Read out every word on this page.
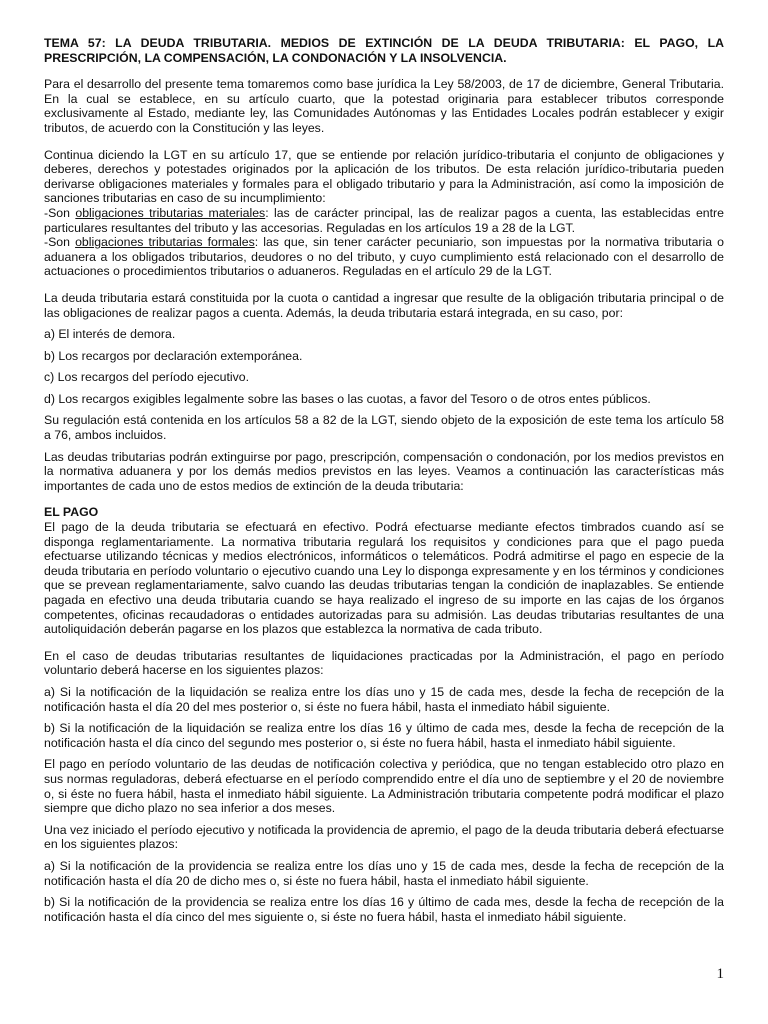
TEMA 57: LA DEUDA TRIBUTARIA. MEDIOS DE EXTINCIÓN DE LA DEUDA TRIBUTARIA: EL PAGO, LA PRESCRIPCIÓN, LA COMPENSACIÓN, LA CONDONACIÓN Y LA INSOLVENCIA.

Para el desarrollo del presente tema tomaremos como base jurídica la Ley 58/2003, de 17 de diciembre, General Tributaria. En la cual se establece, en su artículo cuarto, que la potestad originaria para establecer tributos corresponde exclusivamente al Estado, mediante ley, las Comunidades Autónomas y las Entidades Locales podrán establecer y exigir tributos, de acuerdo con la Constitución y las leyes.

Continua diciendo la LGT en su artículo 17, que se entiende por relación jurídico-tributaria el conjunto de obligaciones y deberes, derechos y potestades originados por la aplicación de los tributos. De esta relación jurídico-tributaria pueden derivarse obligaciones materiales y formales para el obligado tributario y para la Administración, así como la imposición de sanciones tributarias en caso de su incumplimiento:
-Son obligaciones tributarias materiales: las de carácter principal, las de realizar pagos a cuenta, las establecidas entre particulares resultantes del tributo y las accesorias. Reguladas en los artículos 19 a 28 de la LGT.
-Son obligaciones tributarias formales: las que, sin tener carácter pecuniario, son impuestas por la normativa tributaria o aduanera a los obligados tributarios, deudores o no del tributo, y cuyo cumplimiento está relacionado con el desarrollo de actuaciones o procedimientos tributarios o aduaneros. Reguladas en el artículo 29 de la LGT.

La deuda tributaria estará constituida por la cuota o cantidad a ingresar que resulte de la obligación tributaria principal o de las obligaciones de realizar pagos a cuenta. Además, la deuda tributaria estará integrada, en su caso, por:

a) El interés de demora.

b) Los recargos por declaración extemporánea.

c) Los recargos del período ejecutivo.

d) Los recargos exigibles legalmente sobre las bases o las cuotas, a favor del Tesoro o de otros entes públicos.

Su regulación está contenida en los artículos 58 a 82 de la LGT, siendo objeto de la exposición de este tema los artículo 58 a 76, ambos incluidos.

Las deudas tributarias podrán extinguirse por pago, prescripción, compensación o condonación, por los medios previstos en la normativa aduanera y por los demás medios previstos en las leyes. Veamos a continuación las características más importantes de cada uno de estos medios de extinción de la deuda tributaria:

EL PAGO

El pago de la deuda tributaria se efectuará en efectivo. Podrá efectuarse mediante efectos timbrados cuando así se disponga reglamentariamente. La normativa tributaria regulará los requisitos y condiciones para que el pago pueda efectuarse utilizando técnicas y medios electrónicos, informáticos o telemáticos. Podrá admitirse el pago en especie de la deuda tributaria en período voluntario o ejecutivo cuando una Ley lo disponga expresamente y en los términos y condiciones que se prevean reglamentariamente, salvo cuando las deudas tributarias tengan la condición de inaplazables. Se entiende pagada en efectivo una deuda tributaria cuando se haya realizado el ingreso de su importe en las cajas de los órganos competentes, oficinas recaudadoras o entidades autorizadas para su admisión. Las deudas tributarias resultantes de una autoliquidación deberán pagarse en los plazos que establezca la normativa de cada tributo.

En el caso de deudas tributarias resultantes de liquidaciones practicadas por la Administración, el pago en período voluntario deberá hacerse en los siguientes plazos:

a) Si la notificación de la liquidación se realiza entre los días uno y 15 de cada mes, desde la fecha de recepción de la notificación hasta el día 20 del mes posterior o, si éste no fuera hábil, hasta el inmediato hábil siguiente.

b) Si la notificación de la liquidación se realiza entre los días 16 y último de cada mes, desde la fecha de recepción de la notificación hasta el día cinco del segundo mes posterior o, si éste no fuera hábil, hasta el inmediato hábil siguiente.

El pago en período voluntario de las deudas de notificación colectiva y periódica, que no tengan establecido otro plazo en sus normas reguladoras, deberá efectuarse en el período comprendido entre el día uno de septiembre y el 20 de noviembre o, si éste no fuera hábil, hasta el inmediato hábil siguiente. La Administración tributaria competente podrá modificar el plazo siempre que dicho plazo no sea inferior a dos meses.

Una vez iniciado el período ejecutivo y notificada la providencia de apremio, el pago de la deuda tributaria deberá efectuarse en los siguientes plazos:

a) Si la notificación de la providencia se realiza entre los días uno y 15 de cada mes, desde la fecha de recepción de la notificación hasta el día 20 de dicho mes o, si éste no fuera hábil, hasta el inmediato hábil siguiente.

b) Si la notificación de la providencia se realiza entre los días 16 y último de cada mes, desde la fecha de recepción de la notificación hasta el día cinco del mes siguiente o, si éste no fuera hábil, hasta el inmediato hábil siguiente.

1
